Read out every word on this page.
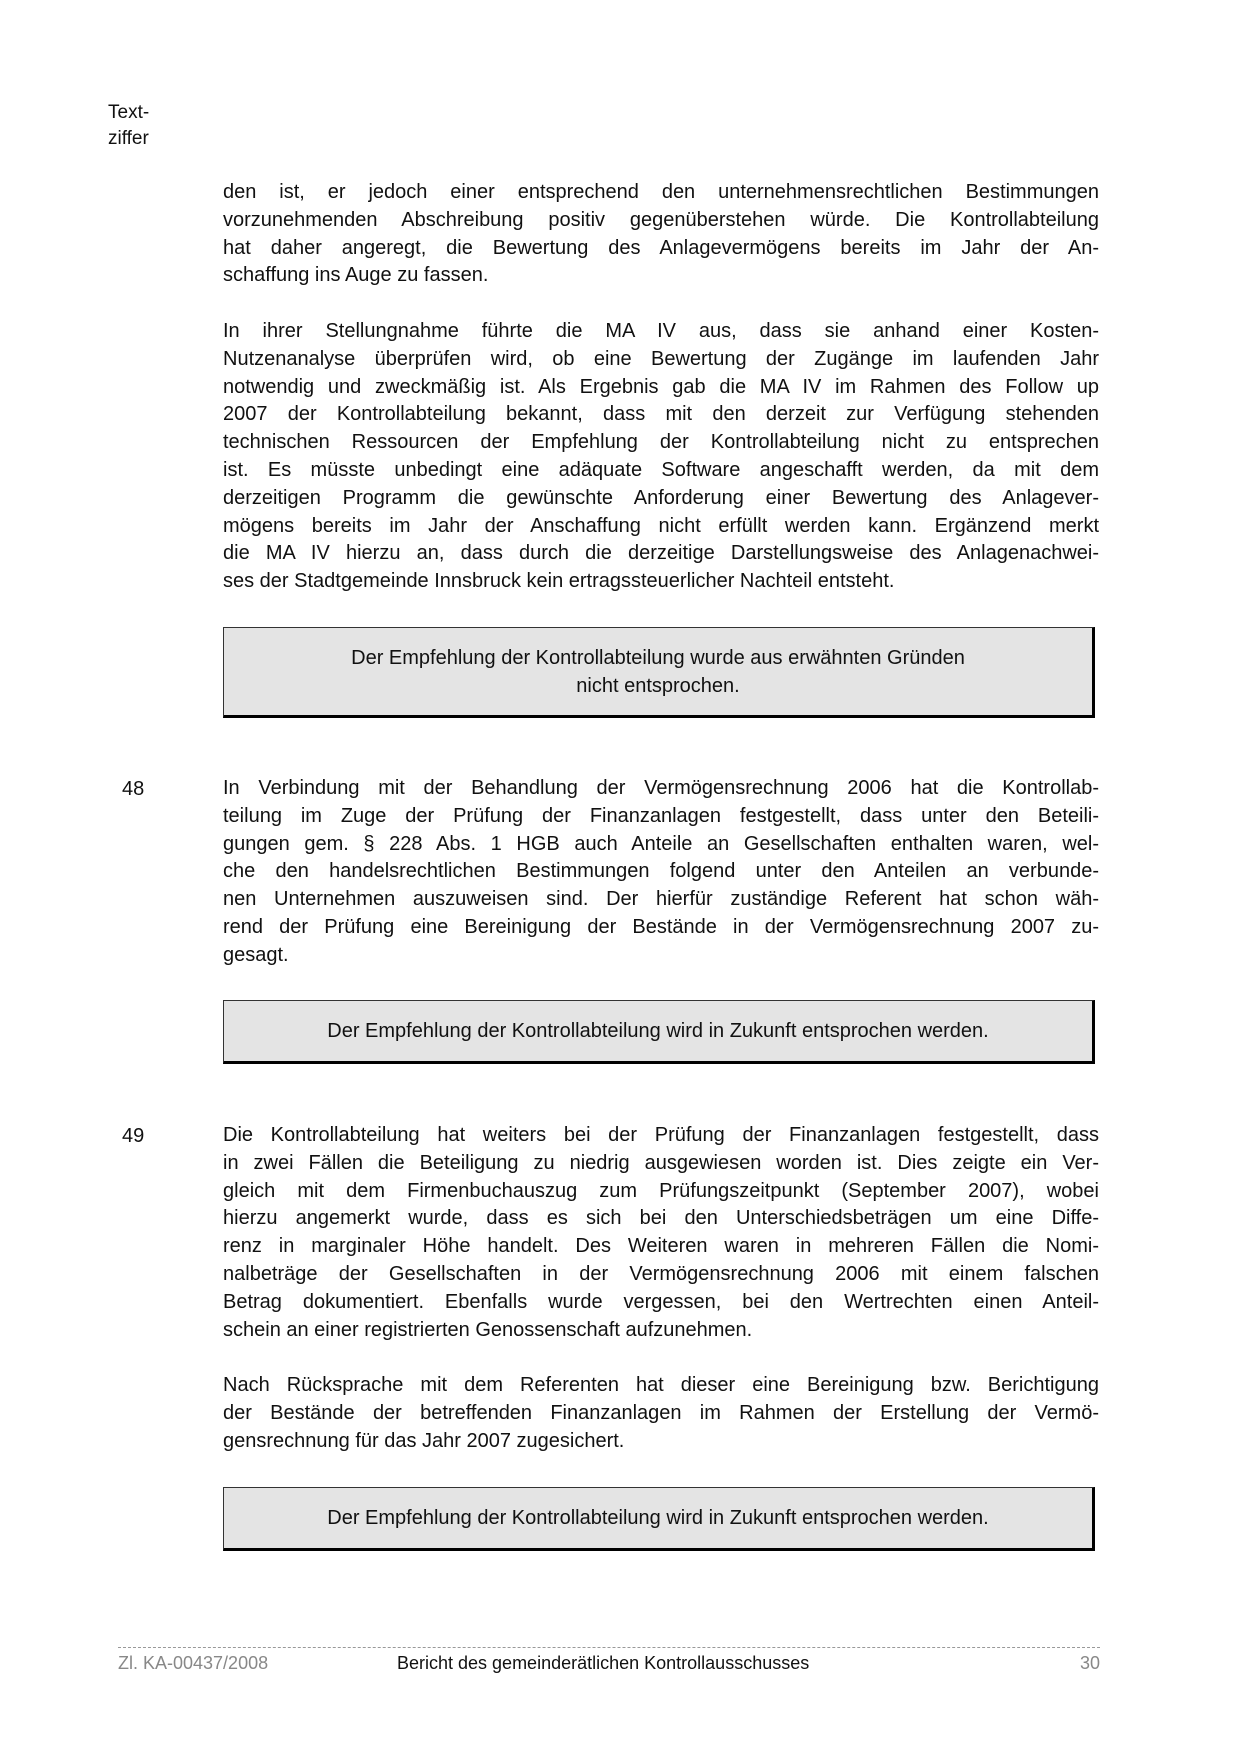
Text-
ziffer
den ist, er jedoch einer entsprechend den unternehmensrechtlichen Bestimmungen
vorzunehmenden Abschreibung positiv gegenüberstehen würde. Die Kontrollabteilung
hat daher angeregt, die Bewertung des Anlagevermögens bereits im Jahr der An-
schaffung ins Auge zu fassen.
In ihrer Stellungnahme führte die MA IV aus, dass sie anhand einer Kosten-
Nutzenanalyse überprüfen wird, ob eine Bewertung der Zugänge im laufenden Jahr
notwendig und zweckmäßig ist. Als Ergebnis gab die MA IV im Rahmen des Follow up
2007 der Kontrollabteilung bekannt, dass mit den derzeit zur Verfügung stehenden
technischen Ressourcen der Empfehlung der Kontrollabteilung nicht zu entsprechen
ist. Es müsste unbedingt eine adäquate Software angeschafft werden, da mit dem
derzeitigen Programm die gewünschte Anforderung einer Bewertung des Anlagever-
mögens bereits im Jahr der Anschaffung nicht erfüllt werden kann. Ergänzend merkt
die MA IV hierzu an, dass durch die derzeitige Darstellungsweise des Anlagenachwei-
ses der Stadtgemeinde Innsbruck kein ertragssteuerlicher Nachteil entsteht.
Der Empfehlung der Kontrollabteilung wurde aus erwähnten Gründen
nicht entsprochen.
48	In Verbindung mit der Behandlung der Vermögensrechnung 2006 hat die Kontrollab-
teilung im Zuge der Prüfung der Finanzanlagen festgestellt, dass unter den Beteili-
gungen gem. § 228 Abs. 1 HGB auch Anteile an Gesellschaften enthalten waren, wel-
che den handelsrechtlichen Bestimmungen folgend unter den Anteilen an verbunde-
nen Unternehmen auszuweisen sind. Der hierfür zuständige Referent hat schon wäh-
rend der Prüfung eine Bereinigung der Bestände in der Vermögensrechnung 2007 zu-
gesagt.
Der Empfehlung der Kontrollabteilung wird in Zukunft entsprochen werden.
49	Die Kontrollabteilung hat weiters bei der Prüfung der Finanzanlagen festgestellt, dass
in zwei Fällen die Beteiligung zu niedrig ausgewiesen worden ist. Dies zeigte ein Ver-
gleich mit dem Firmenbuchauszug zum Prüfungszeitpunkt (September 2007), wobei
hierzu angemerkt wurde, dass es sich bei den Unterschiedsbeträgen um eine Diffe-
renz in marginaler Höhe handelt. Des Weiteren waren in mehreren Fällen die Nomi-
nalbeträge der Gesellschaften in der Vermögensrechnung 2006 mit einem falschen
Betrag dokumentiert. Ebenfalls wurde vergessen, bei den Wertrechten einen Anteil-
schein an einer registrierten Genossenschaft aufzunehmen.
Nach Rücksprache mit dem Referenten hat dieser eine Bereinigung bzw. Berichtigung
der Bestände der betreffenden Finanzanlagen im Rahmen der Erstellung der Vermö-
gensrechnung für das Jahr 2007 zugesichert.
Der Empfehlung der Kontrollabteilung wird in Zukunft entsprochen werden.
Zl. KA-00437/2008	Bericht des gemeinderätlichen Kontrollausschusses	30
